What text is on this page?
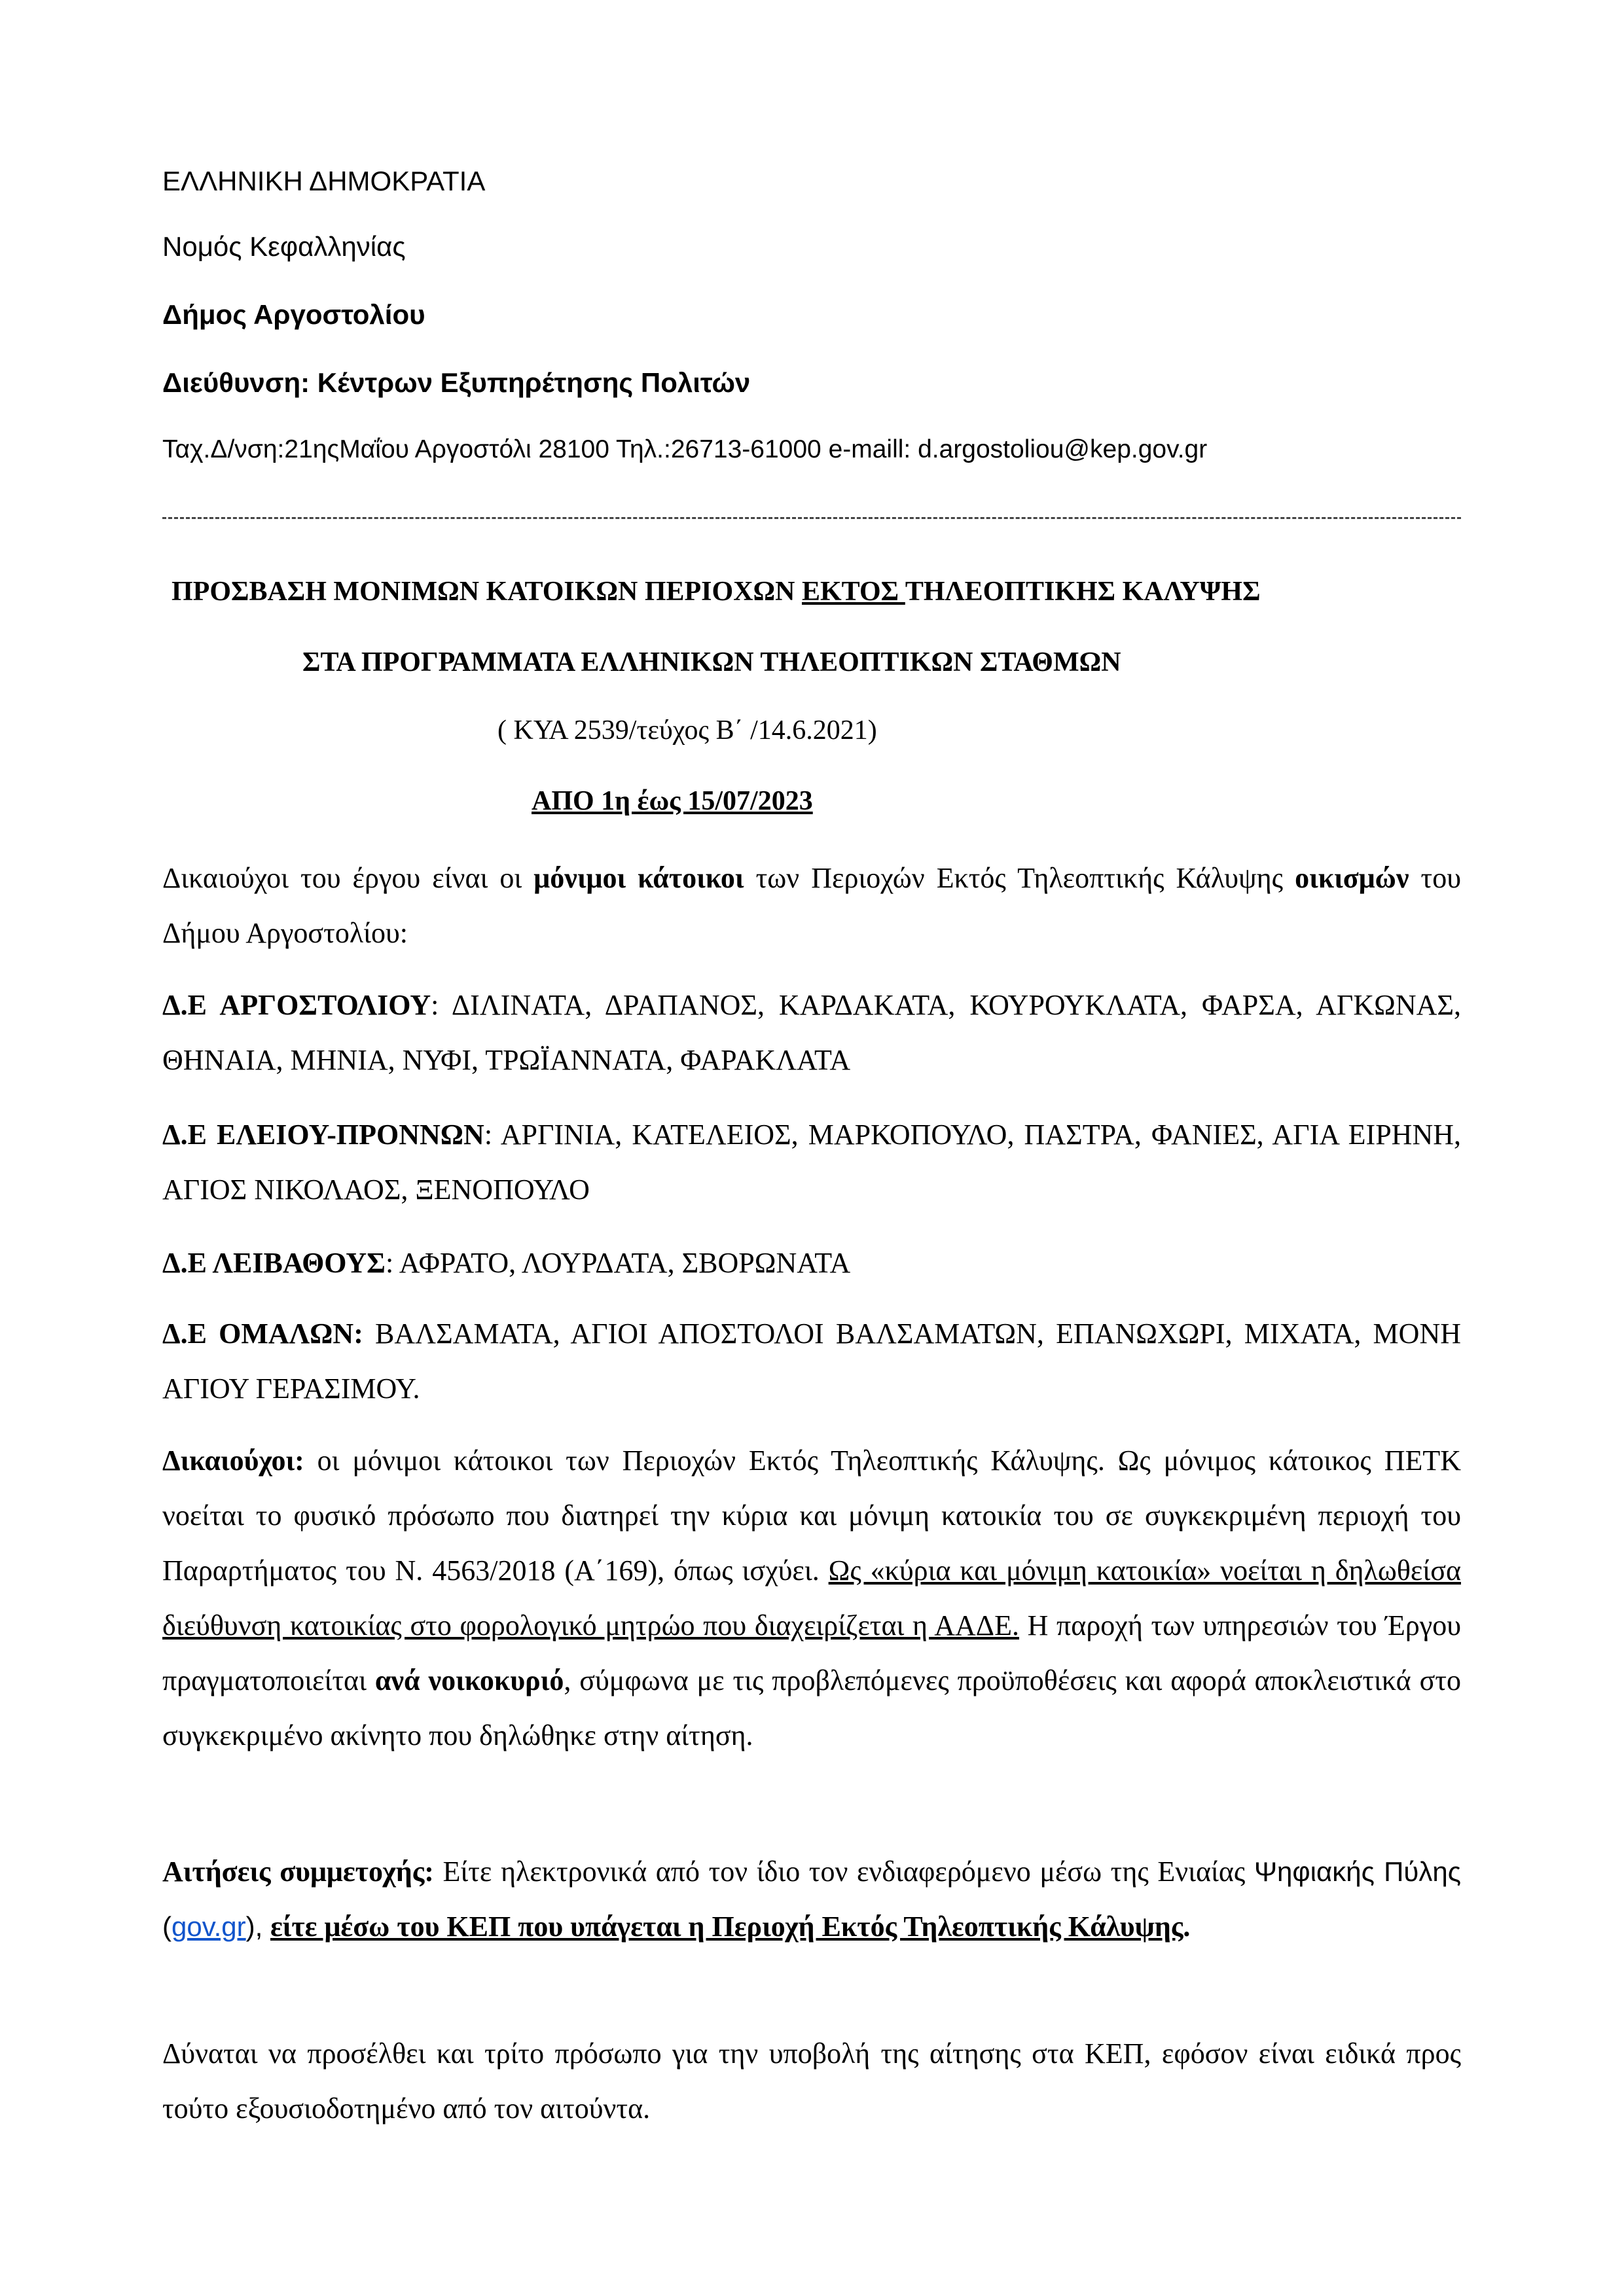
ΕΛΛΗΝΙΚΗ ΔΗΜΟΚΡΑΤΙΑ

Νομός Κεφαλληνίας

Δήμος Αργοστολίου

Διεύθυνση: Κέντρων Εξυπηρέτησης Πολιτών

Ταχ.Δ/νση:21ηςΜαΐου Αργοστόλι 28100 Τηλ.:26713-61000 e-maill: d.argostoliou@kep.gov.gr

ΠΡΟΣΒΑΣΗ ΜΟΝΙΜΩΝ ΚΑΤΟΙΚΩΝ ΠΕΡΙΟΧΩΝ ΕΚΤΟΣ ΤΗΛΕΟΠΤΙΚΗΣ ΚΑΛΥΨΗΣ

ΣΤΑ ΠΡΟΓΡΑΜΜΑΤΑ ΕΛΛΗΝΙΚΩΝ ΤΗΛΕΟΠΤΙΚΩΝ ΣΤΑΘΜΩΝ

( ΚΥΑ 2539/τεύχος Β΄ /14.6.2021)

ΑΠΟ 1η έως 15/07/2023

Δικαιούχοι του έργου είναι οι μόνιμοι κάτοικοι των Περιοχών Εκτός Τηλεοπτικής Κάλυψης οικισμών του Δήμου Αργοστολίου:

Δ.Ε ΑΡΓΟΣΤΟΛΙΟΥ: ΔΙΛΙΝΑΤΑ, ΔΡΑΠΑΝΟΣ, ΚΑΡΔΑΚΑΤΑ, ΚΟΥΡΟΥΚΛΑΤΑ, ΦΑΡΣΑ, ΑΓΚΩΝΑΣ, ΘΗΝΑΙΑ, ΜΗΝΙΑ, ΝΥΦΙ, ΤΡΩΪΑΝΝΑΤΑ, ΦΑΡΑΚΛΑΤΑ

Δ.Ε ΕΛΕΙΟΥ-ΠΡΟΝΝΩΝ: ΑΡΓΙΝΙΑ, ΚΑΤΕΛΕΙΟΣ, ΜΑΡΚΟΠΟΥΛΟ, ΠΑΣΤΡΑ, ΦΑΝΙΕΣ, ΑΓΙΑ ΕΙΡΗΝΗ, ΑΓΙΟΣ ΝΙΚΟΛΑΟΣ, ΞΕΝΟΠΟΥΛΟ

Δ.Ε ΛΕΙΒΑΘΟΥΣ: ΑΦΡΑΤΟ, ΛΟΥΡΔΑΤΑ, ΣΒΟΡΩΝΑΤΑ

Δ.Ε ΟΜΑΛΩΝ: ΒΑΛΣΑΜΑΤΑ, ΑΓΙΟΙ ΑΠΟΣΤΟΛΟΙ ΒΑΛΣΑΜΑΤΩΝ, ΕΠΑΝΩΧΩΡΙ, ΜΙΧΑΤΑ, ΜΟΝΗ ΑΓΙΟΥ ΓΕΡΑΣΙΜΟΥ.

Δικαιούχοι: οι μόνιμοι κάτοικοι των Περιοχών Εκτός Τηλεοπτικής Κάλυψης. Ως μόνιμος κάτοικος ΠΕΤΚ νοείται το φυσικό πρόσωπο που διατηρεί την κύρια και μόνιμη κατοικία του σε συγκεκριμένη περιοχή του Παραρτήματος του Ν. 4563/2018 (Α΄169), όπως ισχύει. Ως «κύρια και μόνιμη κατοικία» νοείται η δηλωθείσα διεύθυνση κατοικίας στο φορολογικό μητρώο που διαχειρίζεται η ΑΑΔΕ. Η παροχή των υπηρεσιών του Έργου πραγματοποιείται ανά νοικοκυριό, σύμφωνα με τις προβλεπόμενες προϋποθέσεις και αφορά αποκλειστικά στο συγκεκριμένο ακίνητο που δηλώθηκε στην αίτηση.

Αιτήσεις συμμετοχής: Είτε ηλεκτρονικά από τον ίδιο τον ενδιαφερόμενο μέσω της Ενιαίας Ψηφιακής Πύλης (gov.gr), είτε μέσω του ΚΕΠ που υπάγεται η Περιοχή Εκτός Τηλεοπτικής Κάλυψης.

Δύναται να προσέλθει και τρίτο πρόσωπο για την υποβολή της αίτησης στα ΚΕΠ, εφόσον είναι ειδικά προς τούτο εξουσιοδοτημένο από τον αιτούντα.
